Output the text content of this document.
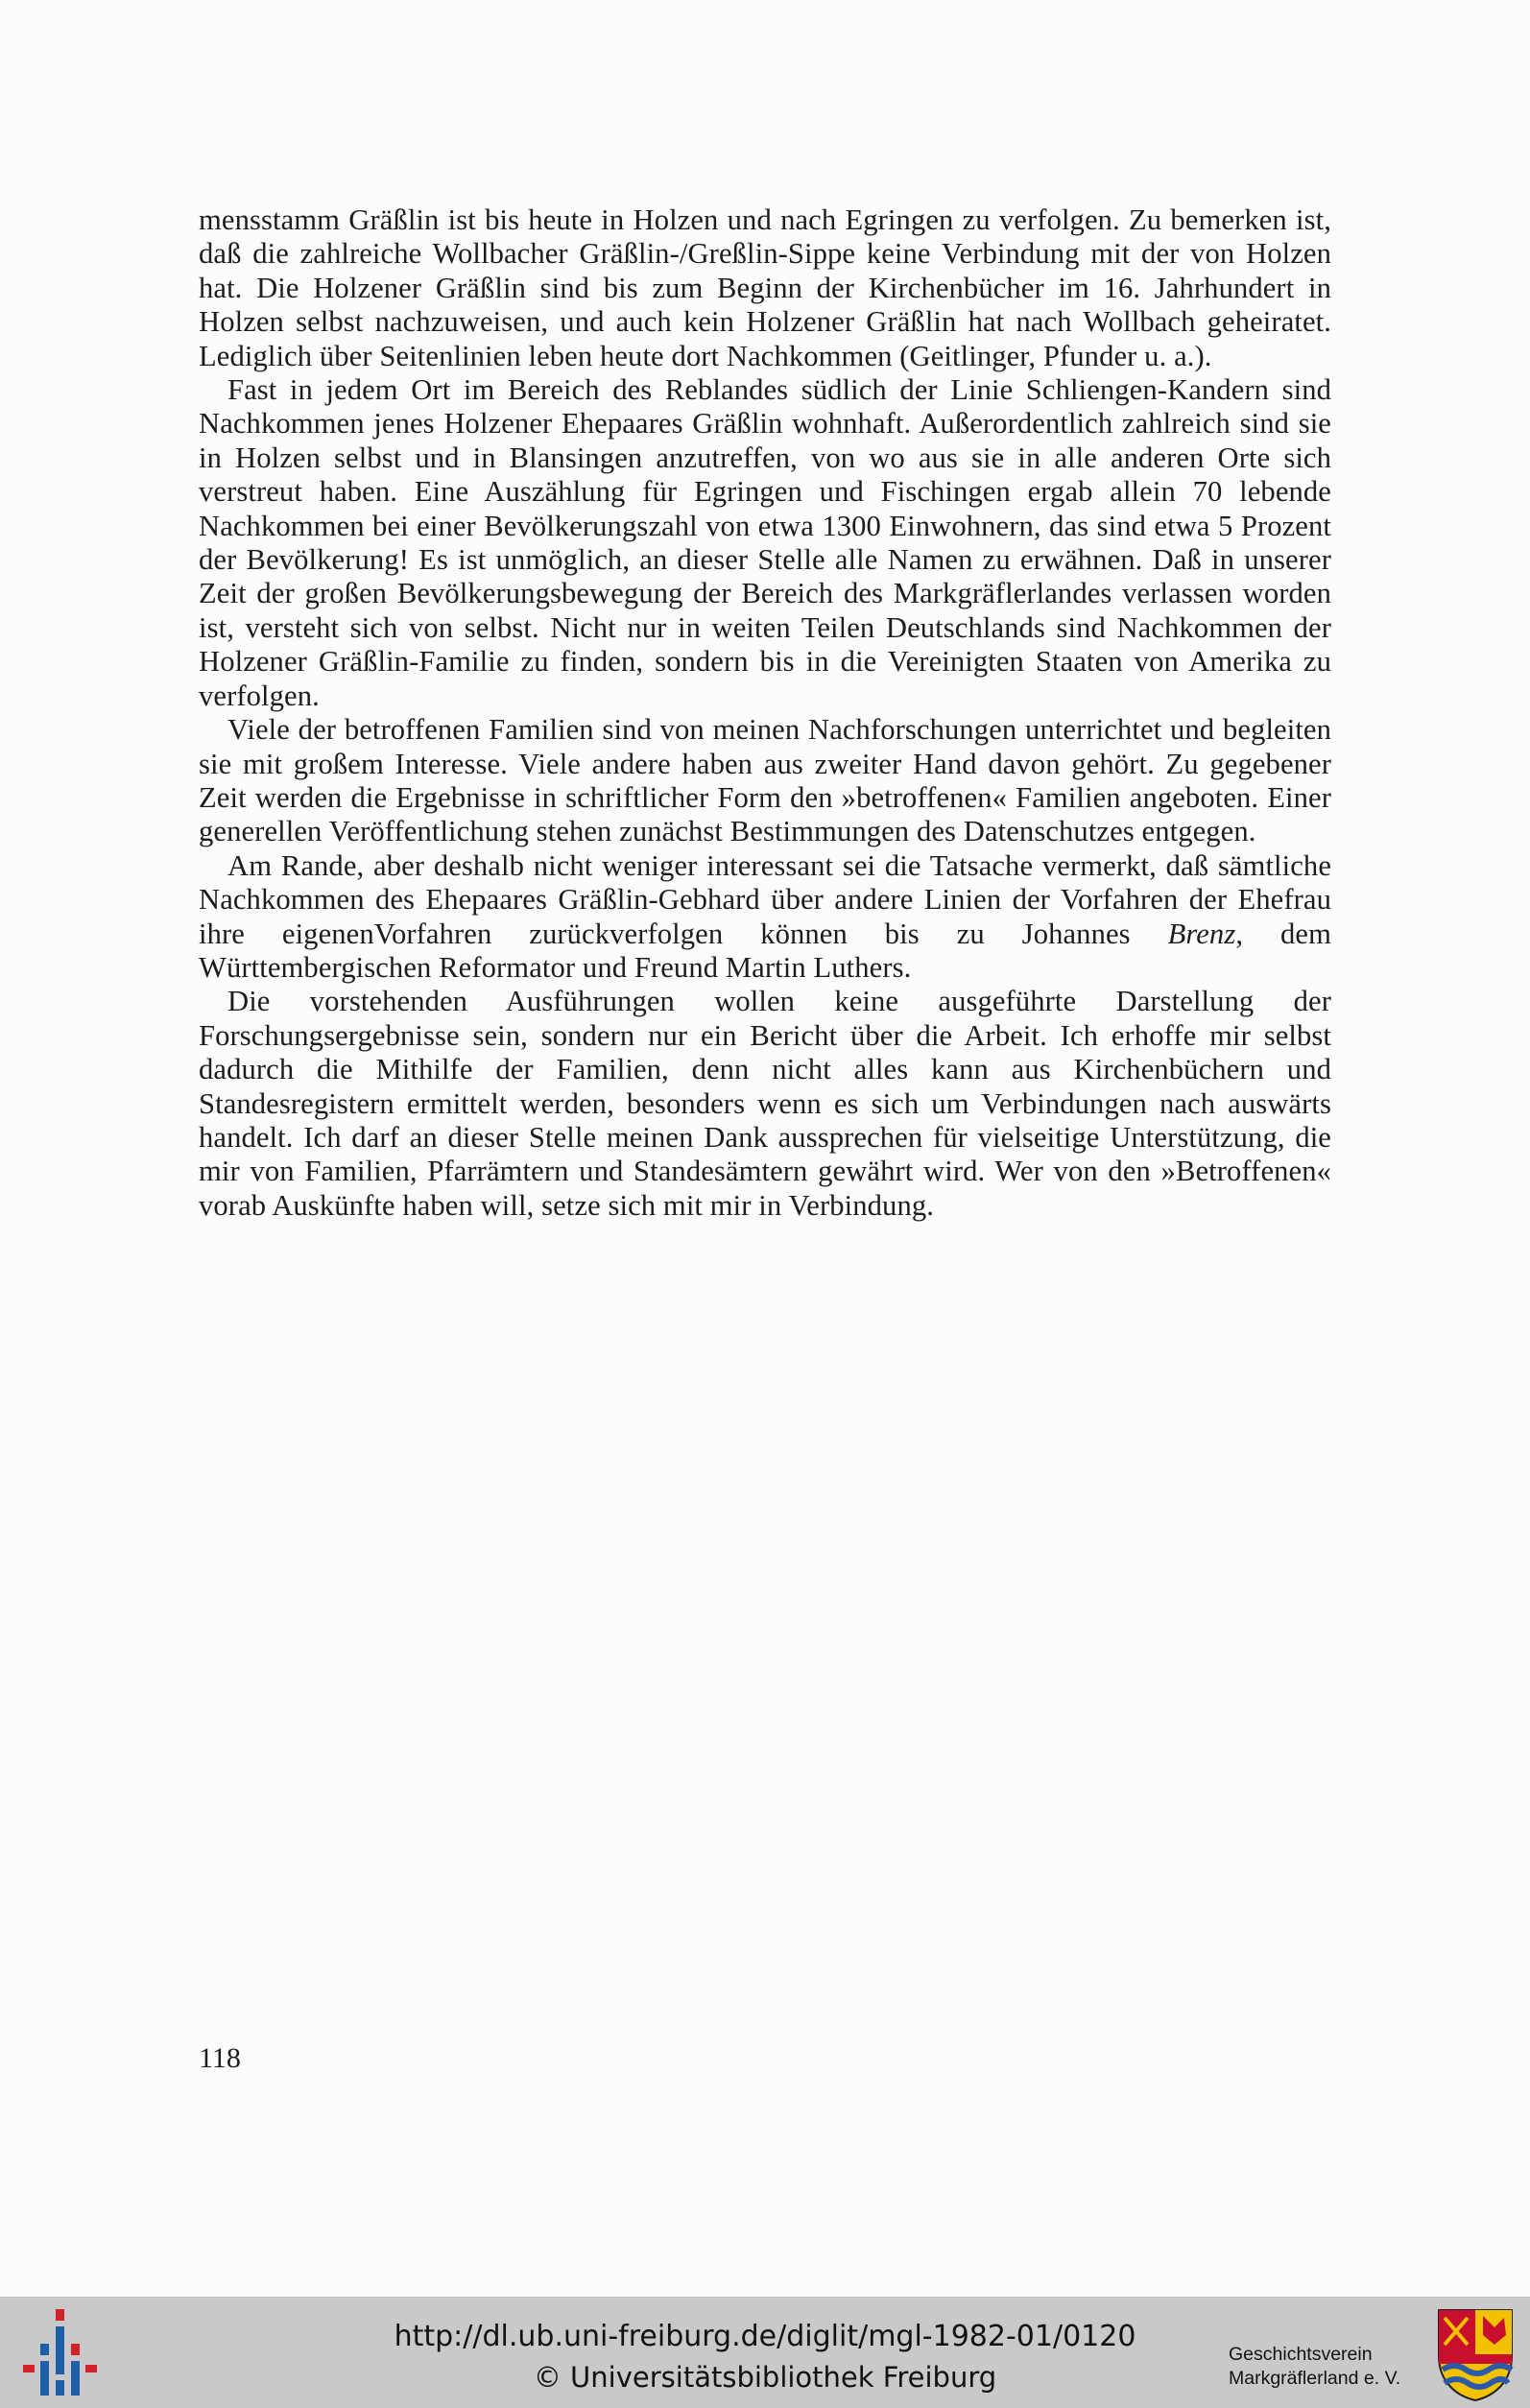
mensstamm Gräßlin ist bis heute in Holzen und nach Egringen zu verfolgen. Zu bemerken ist, daß die zahlreiche Wollbacher Gräßlin-/Greßlin-Sippe keine Verbindung mit der von Holzen hat. Die Holzener Gräßlin sind bis zum Beginn der Kirchenbücher im 16. Jahrhundert in Holzen selbst nachzuweisen, und auch kein Holzener Gräßlin hat nach Wollbach geheiratet. Lediglich über Seitenlinien leben heute dort Nachkommen (Geitlinger, Pfunder u. a.).

Fast in jedem Ort im Bereich des Reblandes südlich der Linie Schliengen-Kandern sind Nachkommen jenes Holzener Ehepaares Gräßlin wohnhaft. Außerordentlich zahlreich sind sie in Holzen selbst und in Blansingen anzutreffen, von wo aus sie in alle anderen Orte sich verstreut haben. Eine Auszählung für Egringen und Fischingen ergab allein 70 lebende Nachkommen bei einer Bevölkerungszahl von etwa 1300 Einwohnern, das sind etwa 5 Prozent der Bevölkerung! Es ist unmöglich, an dieser Stelle alle Namen zu erwähnen. Daß in unserer Zeit der großen Bevölkerungsbewegung der Bereich des Markgräflerlandes verlassen worden ist, versteht sich von selbst. Nicht nur in weiten Teilen Deutschlands sind Nachkommen der Holzener Gräßlin-Familie zu finden, sondern bis in die Vereinigten Staaten von Amerika zu verfolgen.

Viele der betroffenen Familien sind von meinen Nachforschungen unterrichtet und begleiten sie mit großem Interesse. Viele andere haben aus zweiter Hand davon gehört. Zu gegebener Zeit werden die Ergebnisse in schriftlicher Form den »betroffenen« Familien angeboten. Einer generellen Veröffentlichung stehen zunächst Bestimmungen des Datenschutzes entgegen.

Am Rande, aber deshalb nicht weniger interessant sei die Tatsache vermerkt, daß sämtliche Nachkommen des Ehepaares Gräßlin-Gebhard über andere Linien der Vorfahren der Ehefrau ihre eigenenVorfahren zurückverfolgen können bis zu Johannes Brenz, dem Württembergischen Reformator und Freund Martin Luthers.

Die vorstehenden Ausführungen wollen keine ausgeführte Darstellung der Forschungsergebnisse sein, sondern nur ein Bericht über die Arbeit. Ich erhoffe mir selbst dadurch die Mithilfe der Familien, denn nicht alles kann aus Kirchenbüchern und Standesregistern ermittelt werden, besonders wenn es sich um Verbindungen nach auswärts handelt. Ich darf an dieser Stelle meinen Dank aussprechen für vielseitige Unterstützung, die mir von Familien, Pfarrämtern und Standesämtern gewährt wird. Wer von den »Betroffenen« vorab Auskünfte haben will, setze sich mit mir in Verbindung.

118
http://dl.ub.uni-freiburg.de/diglit/mgl-1982-01/0120
© Universitätsbibliothek Freiburg
Geschichtsverein
Markgräflerland e. V.
